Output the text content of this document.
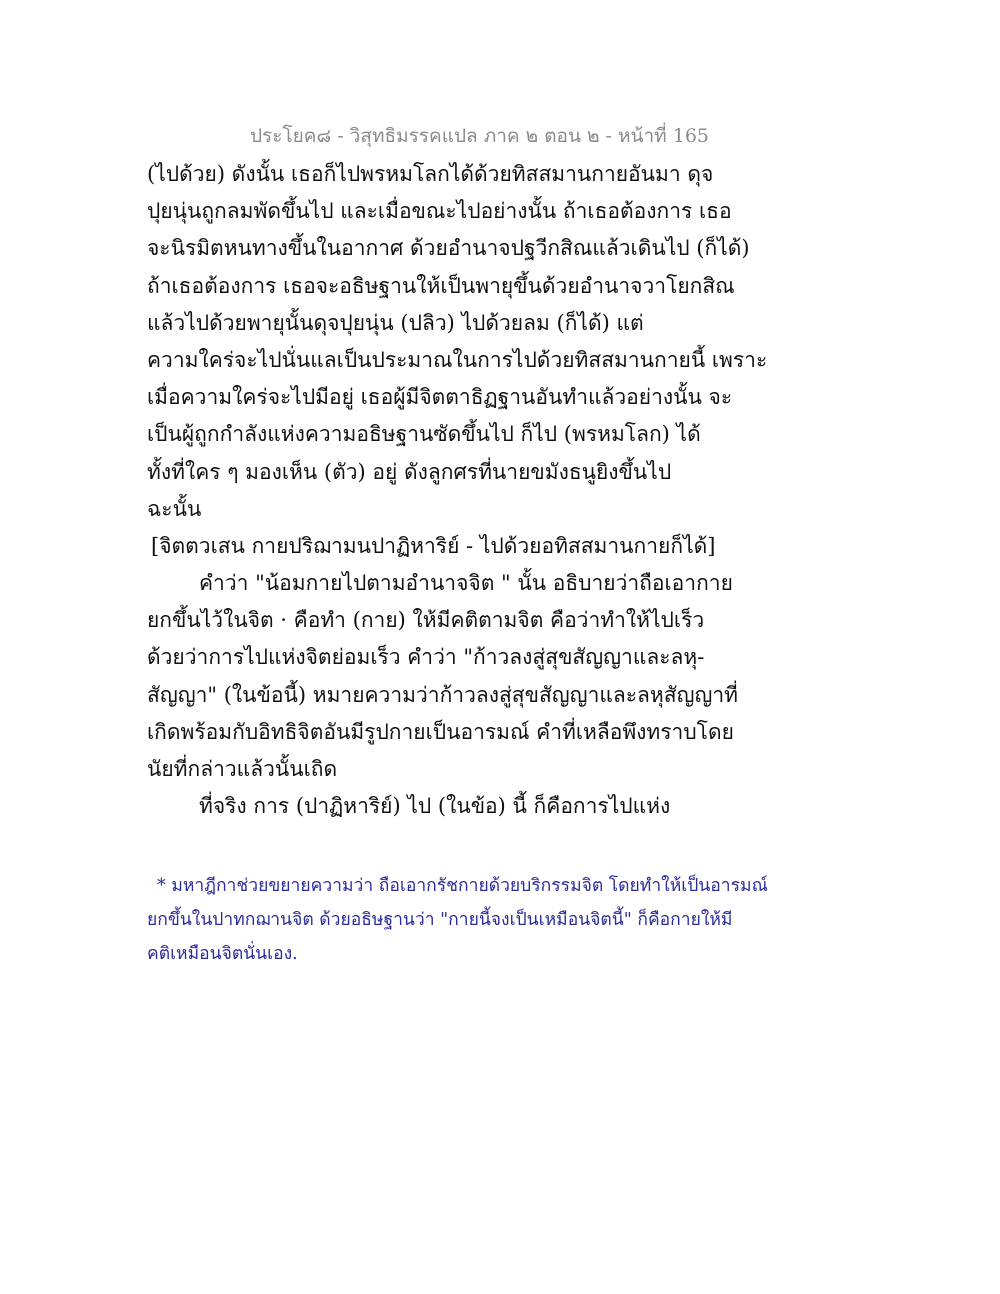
ประโยค๘ - วิสุทธิมรรคแปล ภาค ๒ ตอน ๒ - หน้าที่ 165
(ไปด้วย) ดังนั้น เธอก็ไปพรหมโลกได้ด้วยทิสสมานกายอันมา ดุจ
ปุยนุ่นถูกลมพัดขึ้นไป และเมื่อขณะไปอย่างนั้น ถ้าเธอต้องการ เธอ
จะนิรมิตหนทางขึ้นในอากาศ ด้วยอำนาจปฐวีกสิณแล้วเดินไป (ก็ได้)
ถ้าเธอต้องการ เธอจะอธิษฐานให้เป็นพายุขึ้นด้วยอำนาจวาโยกสิณ
แล้วไปด้วยพายุนั้นดุจปุยนุ่น (ปลิว) ไปด้วยลม (ก็ได้) แต่
ความใคร่จะไปนั่นแลเป็นประมาณในการไปด้วยทิสสมานกายนี้ เพราะ
เมื่อความใคร่จะไปมีอยู่ เธอผู้มีจิตตาธิฏฐานอันทำแล้วอย่างนั้น จะ
เป็นผู้ถูกกำลังแห่งความอธิษฐานซัดขึ้นไป ก็ไป (พรหมโลก) ได้
ทั้งที่ใคร ๆ มองเห็น (ตัว) อยู่ ดังลูกศรที่นายขมังธนูยิงขึ้นไป
ฉะนั้น
[จิตตวเสน กายปริฌามนปาฏิหาริย์ - ไปด้วยอทิสสมานกายก็ได้]
คำว่า "น้อมกายไปตามอำนาจจิต " นั้น อธิบายว่าถือเอากาย
ยกขึ้นไว้ในจิต · คือทำ (กาย) ให้มีคติตามจิต คือว่าทำให้ไปเร็ว
ด้วยว่าการไปแห่งจิตย่อมเร็ว คำว่า "ก้าวลงสู่สุขสัญญาและลหุ-
สัญญา" (ในข้อนี้) หมายความว่าก้าวลงสู่สุขสัญญาและลหุสัญญาที่
เกิดพร้อมกับอิทธิจิตอันมีรูปกายเป็นอารมณ์ คำที่เหลือพึงทราบโดย
นัยที่กล่าวแล้วนั้นเถิด
ที่จริง การ (ปาฏิหาริย์) ไป (ในข้อ) นี้ ก็คือการไปแห่ง
* มหาฎีกาช่วยขยายความว่า ถือเอากรัชกายด้วยบริกรรมจิต โดยทำให้เป็นอารมณ์
ยกขึ้นในปาทกฌานจิต ด้วยอธิษฐานว่า "กายนี้จงเป็นเหมือนจิตนี้" ก็คือกายให้มี
คติเหมือนจิตนั่นเอง.
